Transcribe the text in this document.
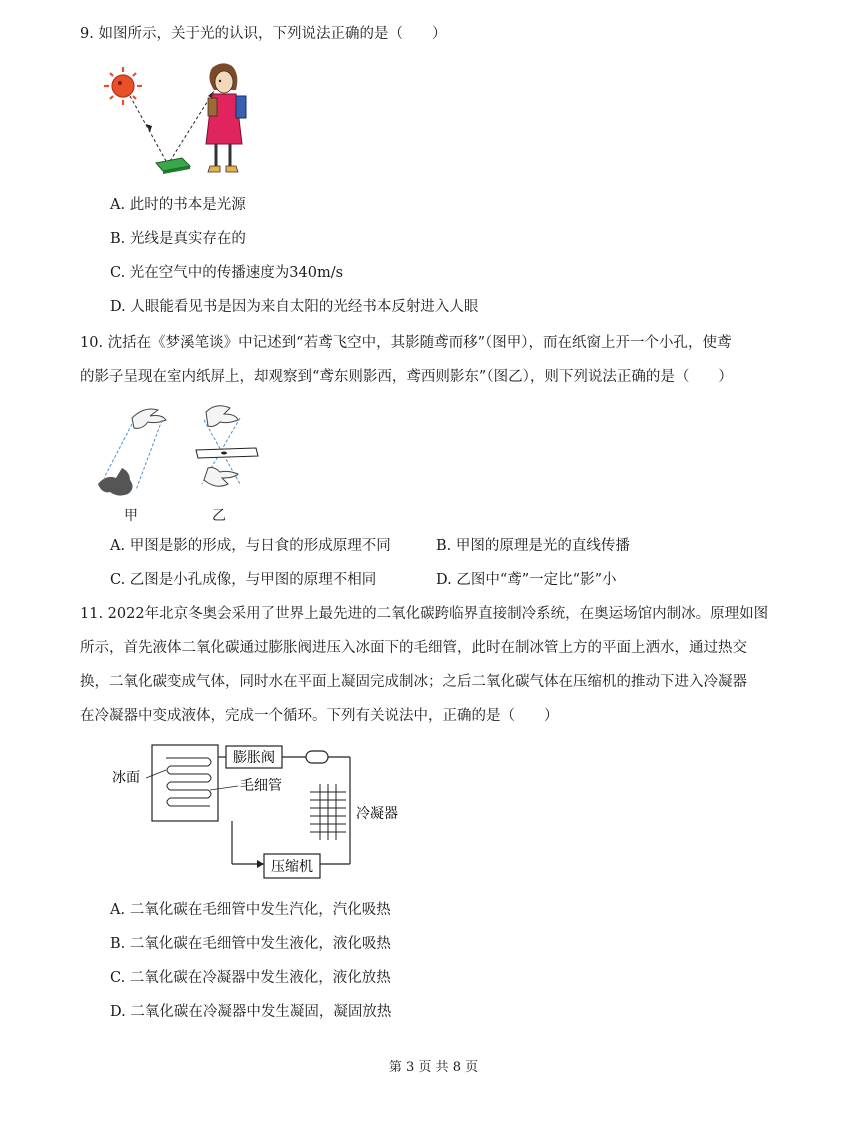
9. 如图所示，关于光的认识，下列说法正确的是（　　）
A. 此时的书本是光源
B. 光线是真实存在的
C. 光在空气中的传播速度为340m/s
D. 人眼能看见书是因为来自太阳的光经书本反射进入人眼
10. 沈括在《梦溪笔谈》中记述到“若鸢飞空中，其影随鸢而移”（图甲），而在纸窗上开一个小孔，使鸢
的影子呈现在室内纸屏上，却观察到“鸢东则影西，鸢西则影东”（图乙），则下列说法正确的是（　　）
甲	乙
A. 甲图是影的形成，与日食的形成原理不同	B. 甲图的原理是光的直线传播
C. 乙图是小孔成像，与甲图的原理不相同	D. 乙图中“鸢”一定比“影”小
11. 2022年北京冬奥会采用了世界上最先进的二氧化碳跨临界直接制冷系统，在奥运场馆内制冰。原理如图
所示，首先液体二氧化碳通过膨胀阀进压入冰面下的毛细管，此时在制冰管上方的平面上洒水，通过热交
换，二氧化碳变成气体，同时水在平面上凝固完成制冰；之后二氧化碳气体在压缩机的推动下进入冷凝器
在冷凝器中变成液体，完成一个循环。下列有关说法中，正确的是（　　）
膨胀阀
压缩机
冰面	毛细管
冷凝器
A. 二氧化碳在毛细管中发生汽化，汽化吸热
B. 二氧化碳在毛细管中发生液化，液化吸热
C. 二氧化碳在冷凝器中发生液化，液化放热
D. 二氧化碳在冷凝器中发生凝固，凝固放热
第 3 页 共 8 页
